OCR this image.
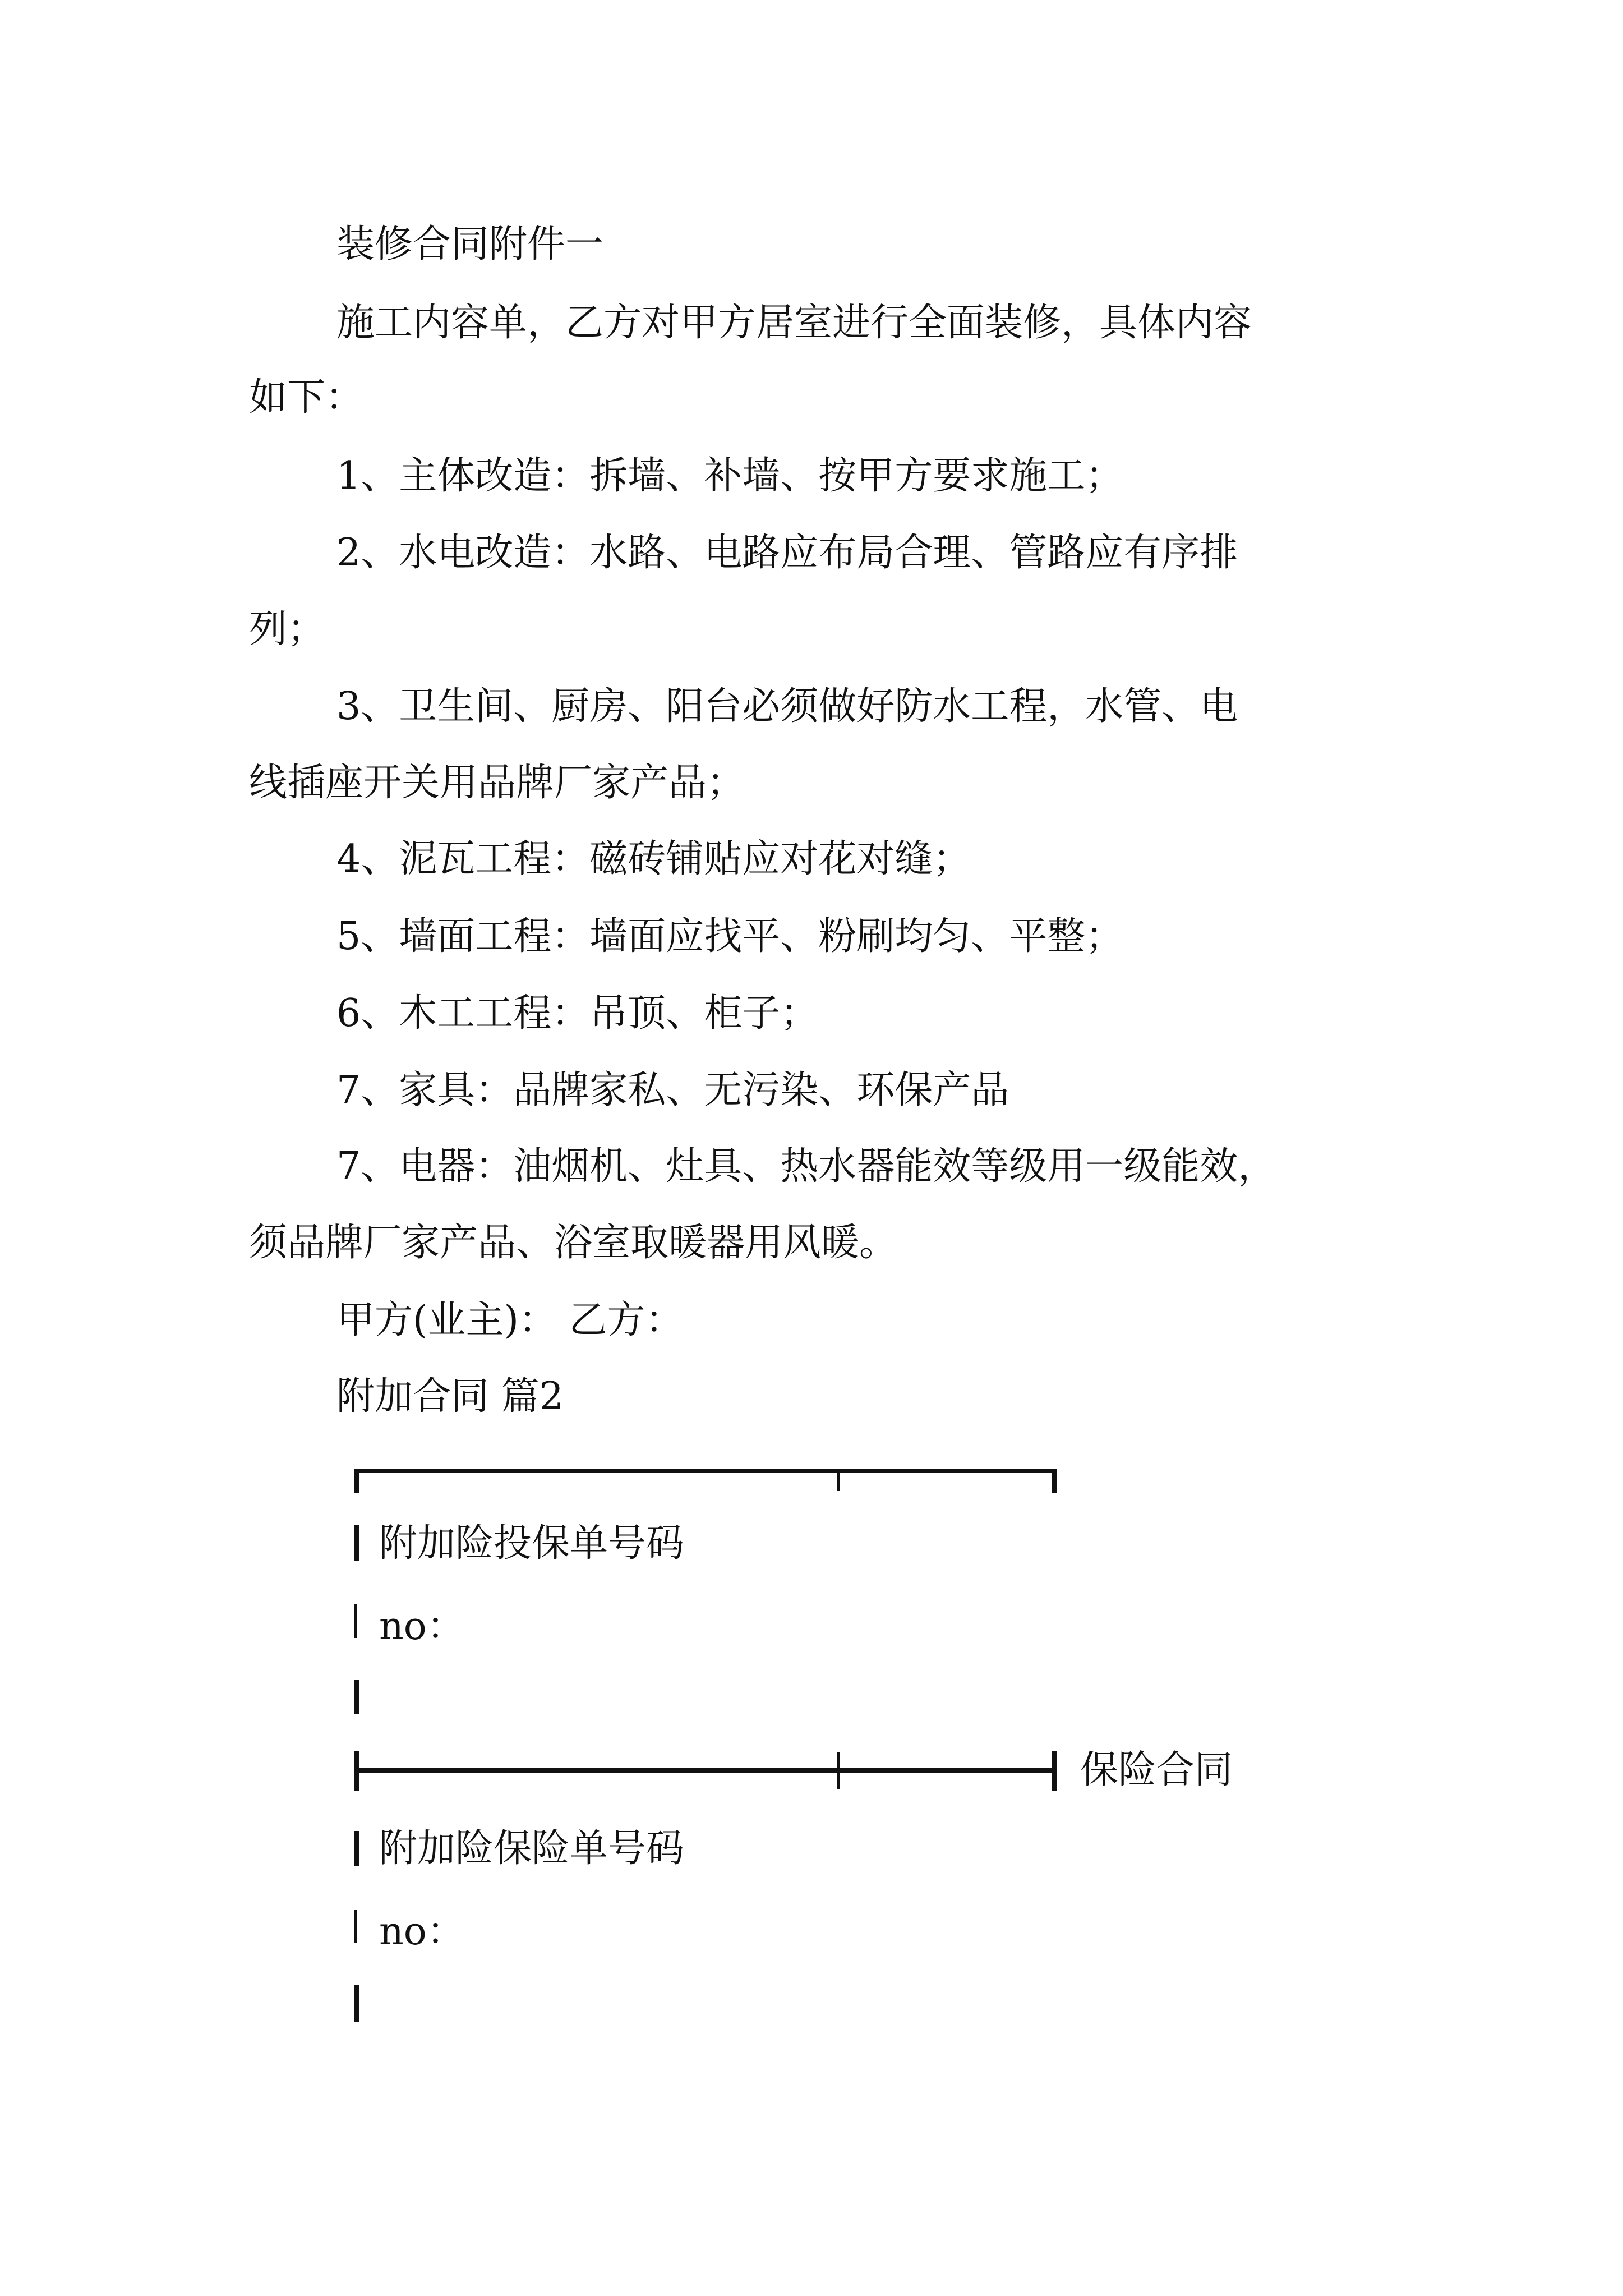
装修合同附件一
施工内容单，乙方对甲方居室进行全面装修，具体内容
如下：
1、主体改造：拆墙、补墙、按甲方要求施工；
2、水电改造：水路、电路应布局合理、管路应有序排
列；
3、卫生间、厨房、阳台必须做好防水工程，水管、电
线插座开关用品牌厂家产品；
4、泥瓦工程：磁砖铺贴应对花对缝；
5、墙面工程：墙面应找平、粉刷均匀、平整；
6、木工工程：吊顶、柜子；
7、家具：品牌家私、无污染、环保产品
7、电器：油烟机、灶具、热水器能效等级用一级能效，
须品牌厂家产品、浴室取暖器用风暖。
甲方(业主)： 乙方：
附加合同 篇2
附加险投保单号码
no：
保险合同
附加险保险单号码
no：
